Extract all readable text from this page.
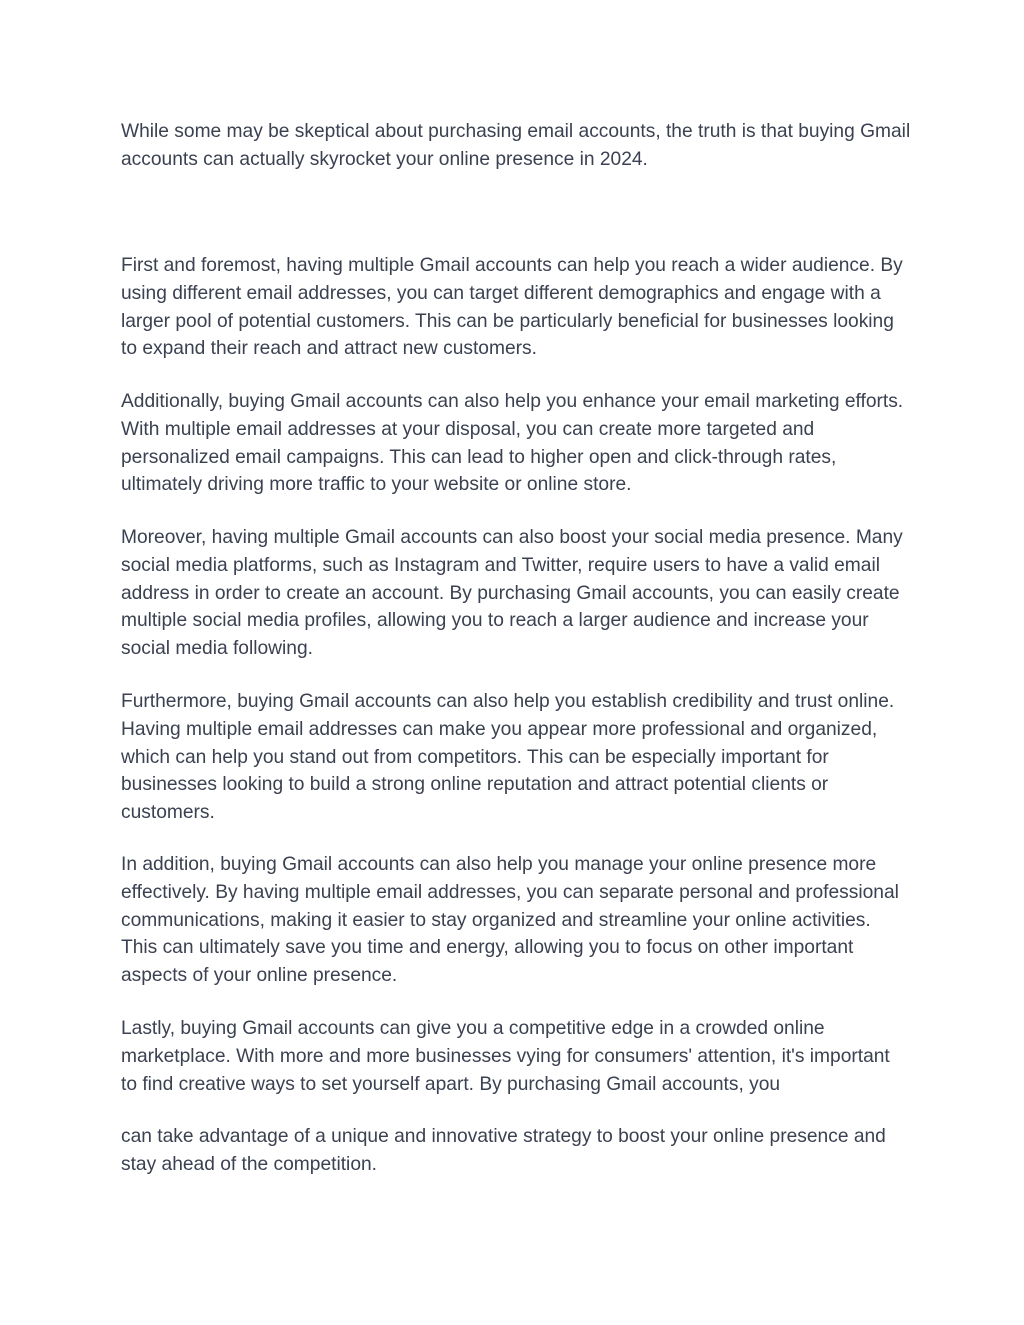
While some may be skeptical about purchasing email accounts, the truth is that buying Gmail accounts can actually skyrocket your online presence in 2024.

First and foremost, having multiple Gmail accounts can help you reach a wider audience. By using different email addresses, you can target different demographics and engage with a larger pool of potential customers. This can be particularly beneficial for businesses looking to expand their reach and attract new customers.

Additionally, buying Gmail accounts can also help you enhance your email marketing efforts. With multiple email addresses at your disposal, you can create more targeted and personalized email campaigns. This can lead to higher open and click-through rates, ultimately driving more traffic to your website or online store.

Moreover, having multiple Gmail accounts can also boost your social media presence. Many social media platforms, such as Instagram and Twitter, require users to have a valid email address in order to create an account. By purchasing Gmail accounts, you can easily create multiple social media profiles, allowing you to reach a larger audience and increase your social media following.

Furthermore, buying Gmail accounts can also help you establish credibility and trust online. Having multiple email addresses can make you appear more professional and organized, which can help you stand out from competitors. This can be especially important for businesses looking to build a strong online reputation and attract potential clients or customers.

In addition, buying Gmail accounts can also help you manage your online presence more effectively. By having multiple email addresses, you can separate personal and professional communications, making it easier to stay organized and streamline your online activities. This can ultimately save you time and energy, allowing you to focus on other important aspects of your online presence.

Lastly, buying Gmail accounts can give you a competitive edge in a crowded online marketplace. With more and more businesses vying for consumers' attention, it's important to find creative ways to set yourself apart. By purchasing Gmail accounts, you

can take advantage of a unique and innovative strategy to boost your online presence and stay ahead of the competition.
